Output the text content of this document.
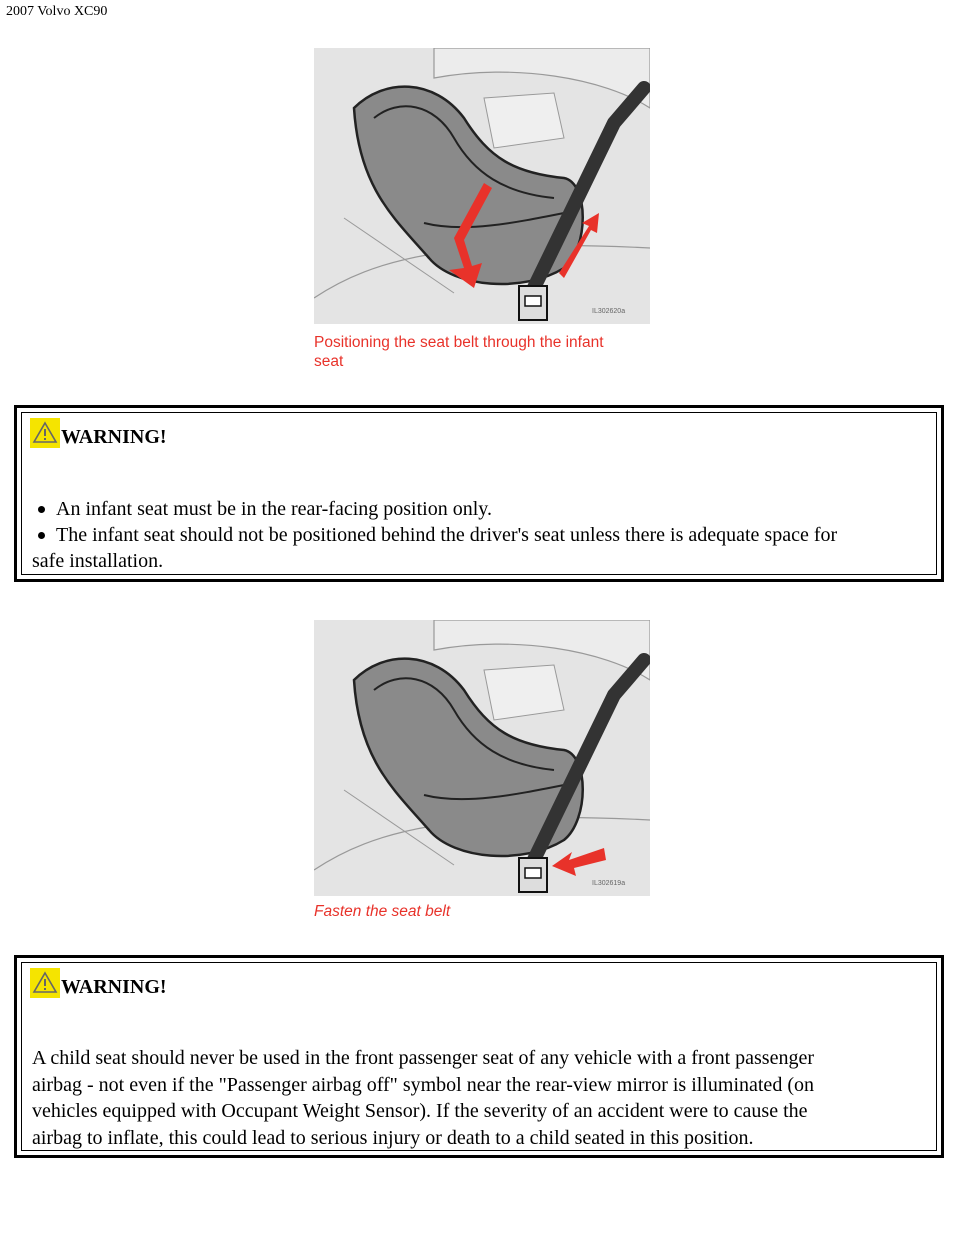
2007 Volvo XC90
IL302620a
Positioning the seat belt through the infant
seat
WARNING!
An infant seat must be in the rear-facing position only.
The infant seat should not be positioned behind the driver's seat unless there is adequate space for
safe installation.
IL302619a
Fasten the seat belt
WARNING!
A child seat should never be used in the front passenger seat of any vehicle with a front passenger
airbag - not even if the "Passenger airbag off" symbol near the rear-view mirror is illuminated (on
vehicles equipped with Occupant Weight Sensor). If the severity of an accident were to cause the
airbag to inflate, this could lead to serious injury or death to a child seated in this position.
